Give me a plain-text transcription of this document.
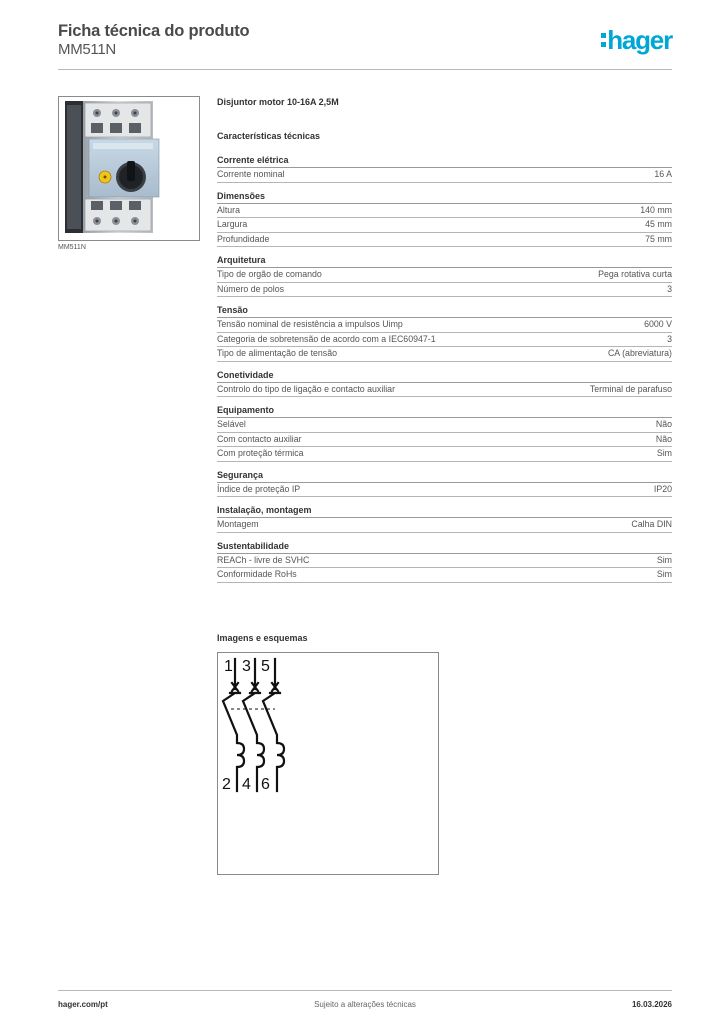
Ficha técnica do produto
MM511N	hager
MM511N
Disjuntor motor 10-16A 2,5M
Características técnicas
Corrente elétrica
Corrente nominal	16 A
Dimensões
Altura	140 mm
Largura	45 mm
Profundidade	75 mm
Arquitetura
Tipo de orgão de comando	Pega rotativa curta
Número de polos	3
Tensão
Tensão nominal de resistência a impulsos Uimp	6000 V
Categoria de sobretensão de acordo com a IEC60947-1	3
Tipo de alimentação de tensão	CA (abreviatura)
Conetividade
Controlo do tipo de ligação e contacto auxiliar	Terminal de parafuso
Equipamento
Selável	Não
Com contacto auxiliar	Não
Com proteção térmica	Sim
Segurança
Índice de proteção IP	IP20
Instalação, montagem
Montagem	Calha DIN
Sustentabilidade
REACh - livre de SVHC	Sim
Conformidade RoHs	Sim
Imagens e esquemas
1 3 5
2 4 6
hager.com/pt	Sujeito a alterações técnicas	16.03.2026
